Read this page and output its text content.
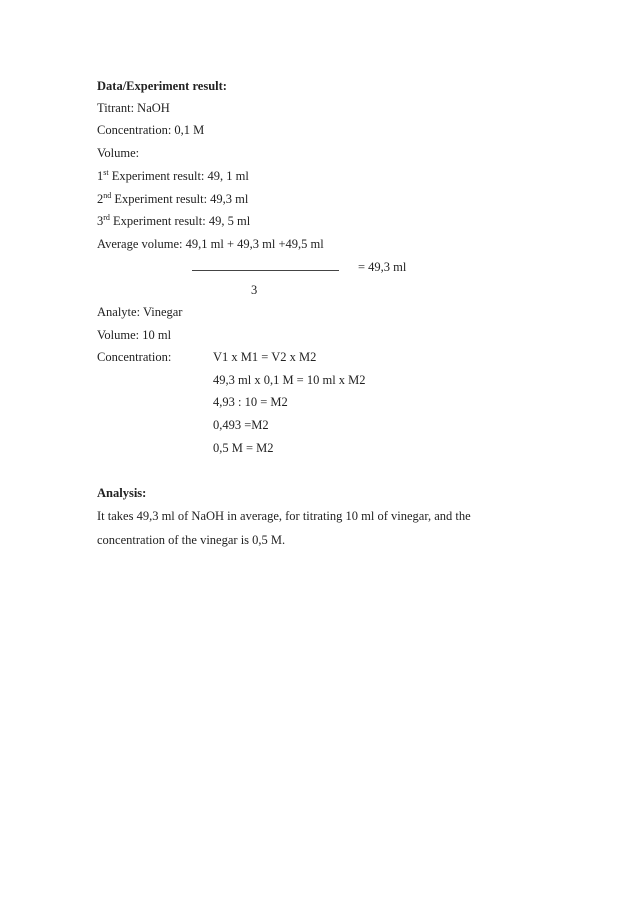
Data/Experiment result:
Titrant: NaOH
Concentration: 0,1 M
Volume:
1st Experiment result: 49, 1 ml
2nd Experiment result: 49,3 ml
3rd Experiment result: 49, 5 ml
Average volume: 49,1 ml + 49,3 ml +49,5 ml
= 49,3 ml
3
Analyte: Vinegar
Volume: 10 ml
Concentration:	V1 x M1 = V2 x M2
49,3 ml x 0,1 M = 10 ml x M2
4,93 : 10 = M2
0,493 =M2
0,5 M = M2
Analysis:
It takes 49,3 ml of NaOH in average, for titrating 10 ml of vinegar, and the
concentration of the vinegar is 0,5 M.
